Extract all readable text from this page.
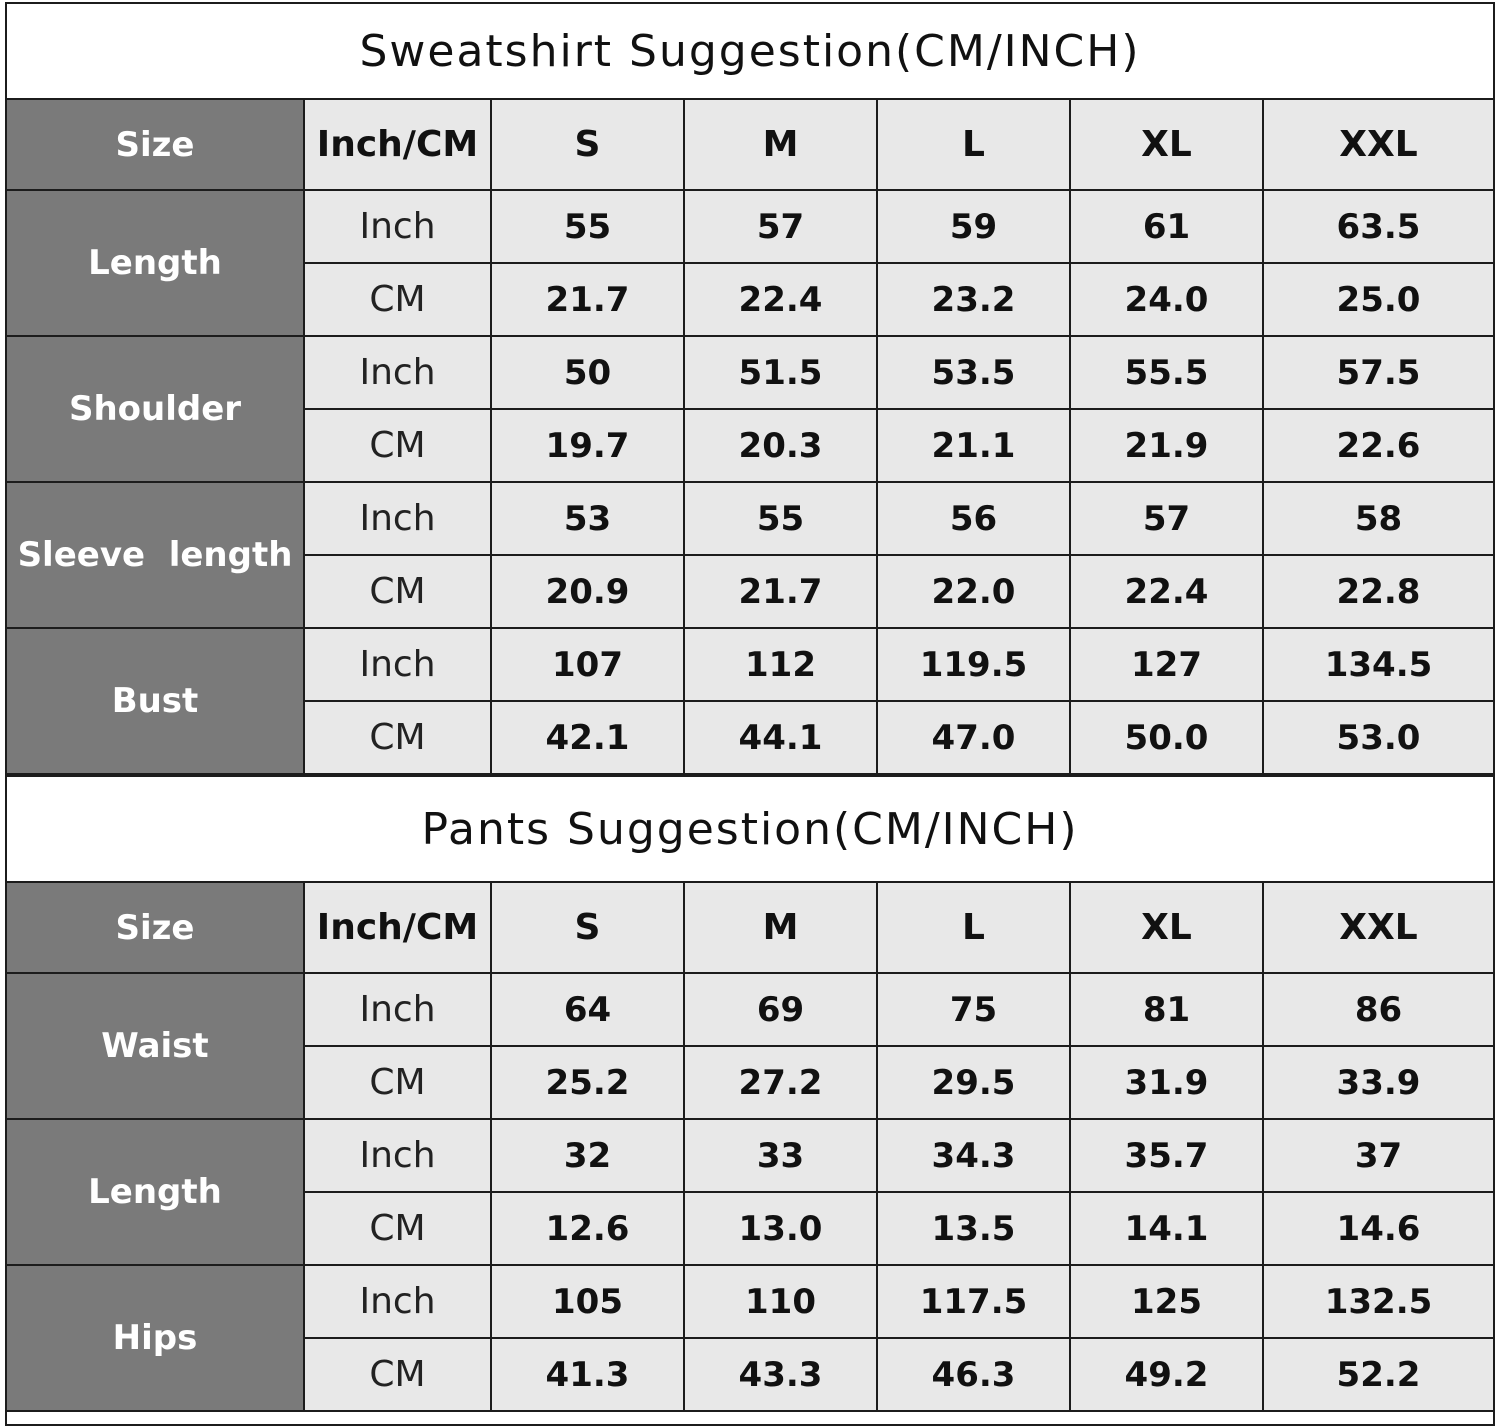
Sweatshirt Suggestion(CM/INCH)
Size	Inch/CM	S	M	L	XL	XXL
Length	Inch	55	57	59	61	63.5
	CM	21.7	22.4	23.2	24.0	25.0
Shoulder	Inch	50	51.5	53.5	55.5	57.5
	CM	19.7	20.3	21.1	21.9	22.6
Sleeve  length	Inch	53	55	56	57	58
	CM	20.9	21.7	22.0	22.4	22.8
Bust	Inch	107	112	119.5	127	134.5
	CM	42.1	44.1	47.0	50.0	53.0
Pants Suggestion(CM/INCH)
Size	Inch/CM	S	M	L	XL	XXL
Waist	Inch	64	69	75	81	86
	CM	25.2	27.2	29.5	31.9	33.9
Length	Inch	32	33	34.3	35.7	37
	CM	12.6	13.0	13.5	14.1	14.6
Hips	Inch	105	110	117.5	125	132.5
	CM	41.3	43.3	46.3	49.2	52.2
